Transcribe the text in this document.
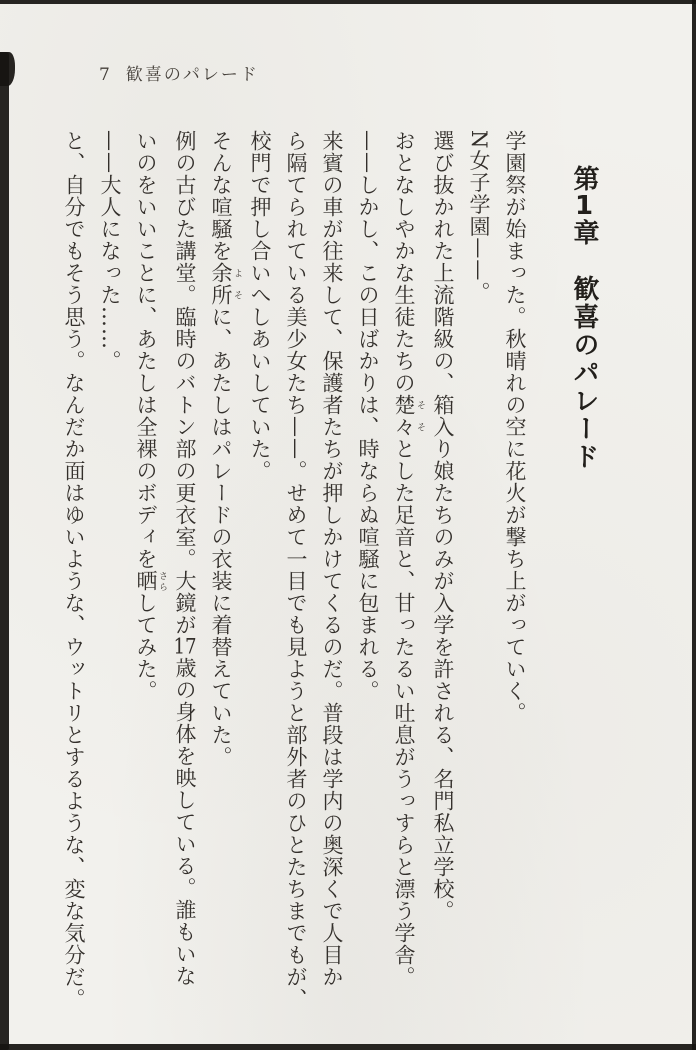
7 歓喜のパレード
第1章　歓喜のパレード
学園祭が始まった。秋晴れの空に花火が撃ち上がっていく。
N女子学園——。
選び抜かれた上流階級の、箱入り娘たちのみが入学を許される、名門私立学校。
おとなしやかな生徒たちの楚々 そそとした足音と、甘ったるい吐息がうっすらと漂う学舎。
——しかし、この日ばかりは、時ならぬ喧騒に包まれる。
来賓の車が往来して、保護者たちが押しかけてくるのだ。普段は学内の奥深くで人目か
ら隔てられている美少女たち——。せめて一目でも見ようと部外者のひとたちまでもが、
校門で押し合いへしあいしていた。
そんな喧騒を余所 よそに、あたしはパレードの衣装に着替えていた。
例の古びた講堂。臨時のバトン部の更衣室。大鏡が17歳の身体を映している。誰もいな
いのをいいことに、あたしは全裸のボディを晒 さらしてみた。
——大人になった……。
と、自分でもそう思う。なんだか面はゆいような、ウットリとするような、変な気分だ。
